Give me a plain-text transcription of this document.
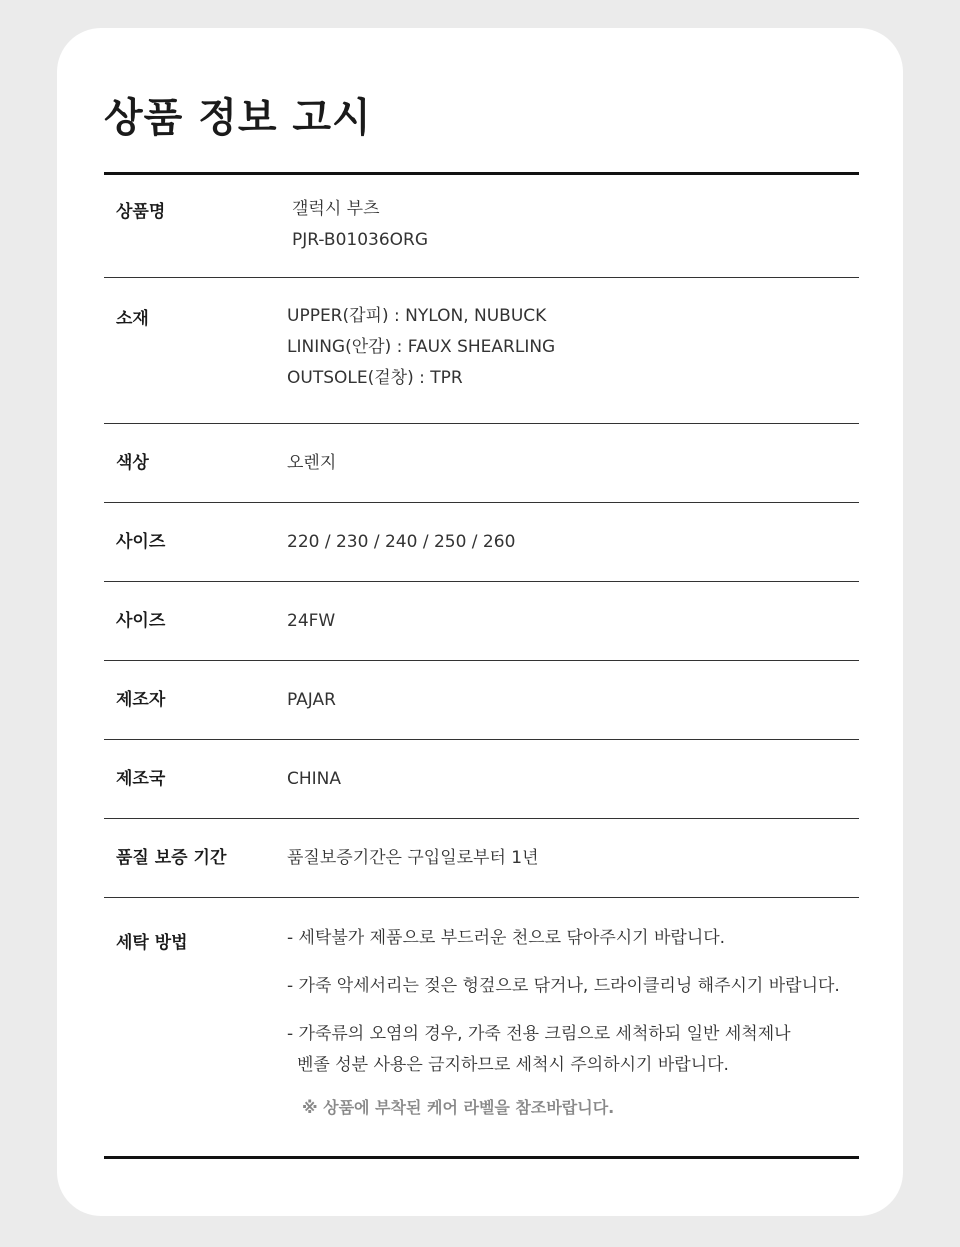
상품 정보 고시
상품명	갤럭시 부츠
PJR-B01036ORG
소재	UPPER(갑피) : NYLON, NUBUCK
LINING(안감) : FAUX SHEARLING
OUTSOLE(겉창) : TPR
색상	오렌지
사이즈	220 / 230 / 240 / 250 / 260
사이즈	24FW
제조자	PAJAR
제조국	CHINA
품질 보증 기간	품질보증기간은 구입일로부터 1년
세탁 방법	- 세탁불가 제품으로 부드러운 천으로 닦아주시기 바랍니다.
- 가죽 악세서리는 젖은 헝겊으로 닦거나, 드라이클리닝 해주시기 바랍니다.
- 가죽류의 오염의 경우, 가죽 전용 크림으로 세척하되 일반 세척제나
벤졸 성분 사용은 금지하므로 세척시 주의하시기 바랍니다.
※ 상품에 부착된 케어 라벨을 참조바랍니다.
